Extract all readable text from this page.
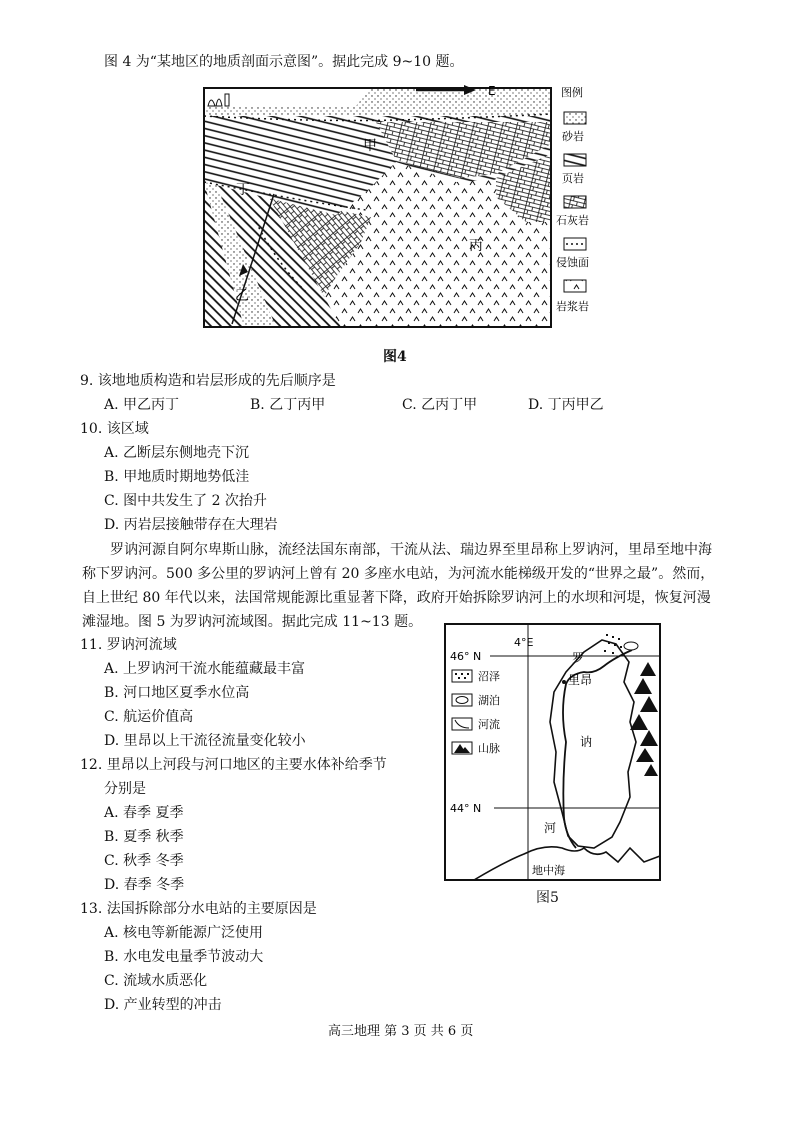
图 4 为“某地区的地质剖面示意图”。据此完成 9~10 题。
E
甲
丙
丁
乙
图例
砂岩
页岩
石灰岩
侵蚀面
岩浆岩
图4
9. 该地地质构造和岩层形成的先后顺序是
A. 甲乙丙丁	B. 乙丁丙甲	C. 乙丙丁甲	D. 丁丙甲乙
10. 该区域
A. 乙断层东侧地壳下沉
B. 甲地质时期地势低洼
C. 图中共发生了 2 次抬升
D. 丙岩层接触带存在大理岩
罗讷河源自阿尔卑斯山脉，流经法国东南部，干流从法、瑞边界至里昂称上罗讷河，里昂至地中海称下罗讷河。500 多公里的罗讷河上曾有 20 多座水电站，为河流水能梯级开发的“世界之最”。然而，自上世纪 80 年代以来，法国常规能源比重显著下降，政府开始拆除罗讷河上的水坝和河堤，恢复河漫滩湿地。图 5 为罗讷河流域图。据此完成 11~13 题。
4°E
46° N
44° N
罗
里昂
讷
河
地中海
沼泽
湖泊
河流
山脉
图5
11. 罗讷河流域
A. 上罗讷河干流水能蕴藏最丰富
B. 河口地区夏季水位高
C. 航运价值高
D. 里昂以上干流径流量变化较小
12. 里昂以上河段与河口地区的主要水体补给季节
分别是
A. 春季 夏季
B. 夏季 秋季
C. 秋季 冬季
D. 春季 冬季
13. 法国拆除部分水电站的主要原因是
A. 核电等新能源广泛使用
B. 水电发电量季节波动大
C. 流域水质恶化
D. 产业转型的冲击
高三地理 第 3 页 共 6 页
